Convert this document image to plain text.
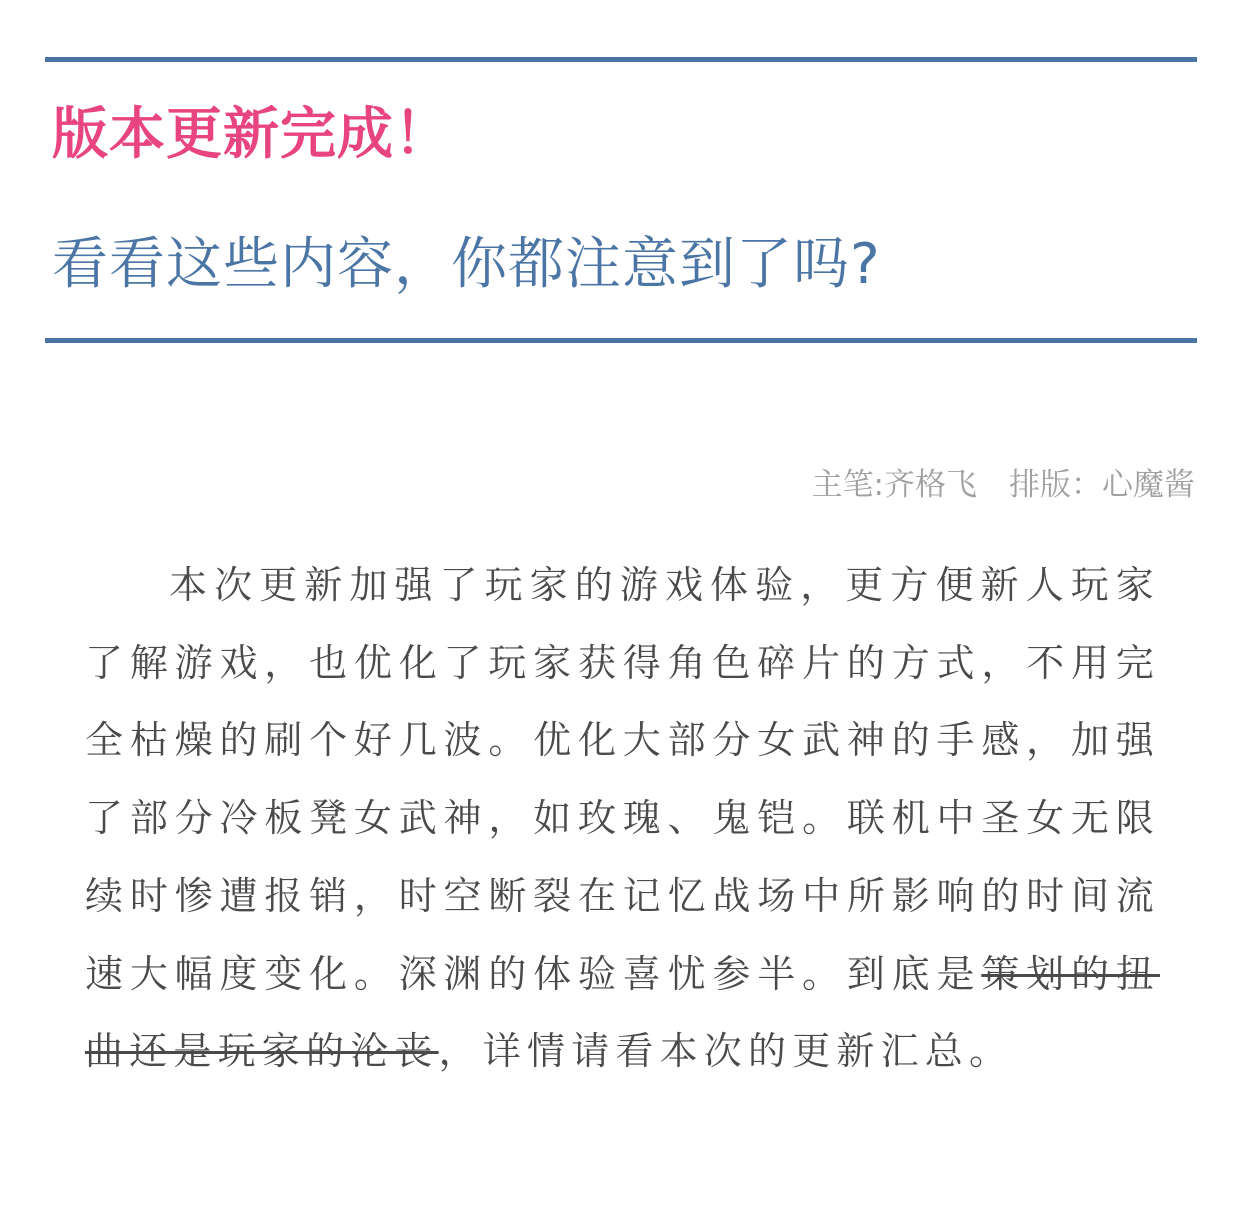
版本更新完成！
看看这些内容，你都注意到了吗?
主笔:齐格飞 排版：心魔酱

本次更新加强了玩家的游戏体验，更方便新人玩家了解游戏，也优化了玩家获得角色碎片的方式，不用完全枯燥的刷个好几波。优化大部分女武神的手感，加强了部分冷板凳女武神，如玫瑰、鬼铠。联机中圣女无限续时惨遭报销，时空断裂在记忆战场中所影响的时间流速大幅度变化。深渊的体验喜忧参半。到底是策划的扭曲还是玩家的沦丧，详情请看本次的更新汇总。
